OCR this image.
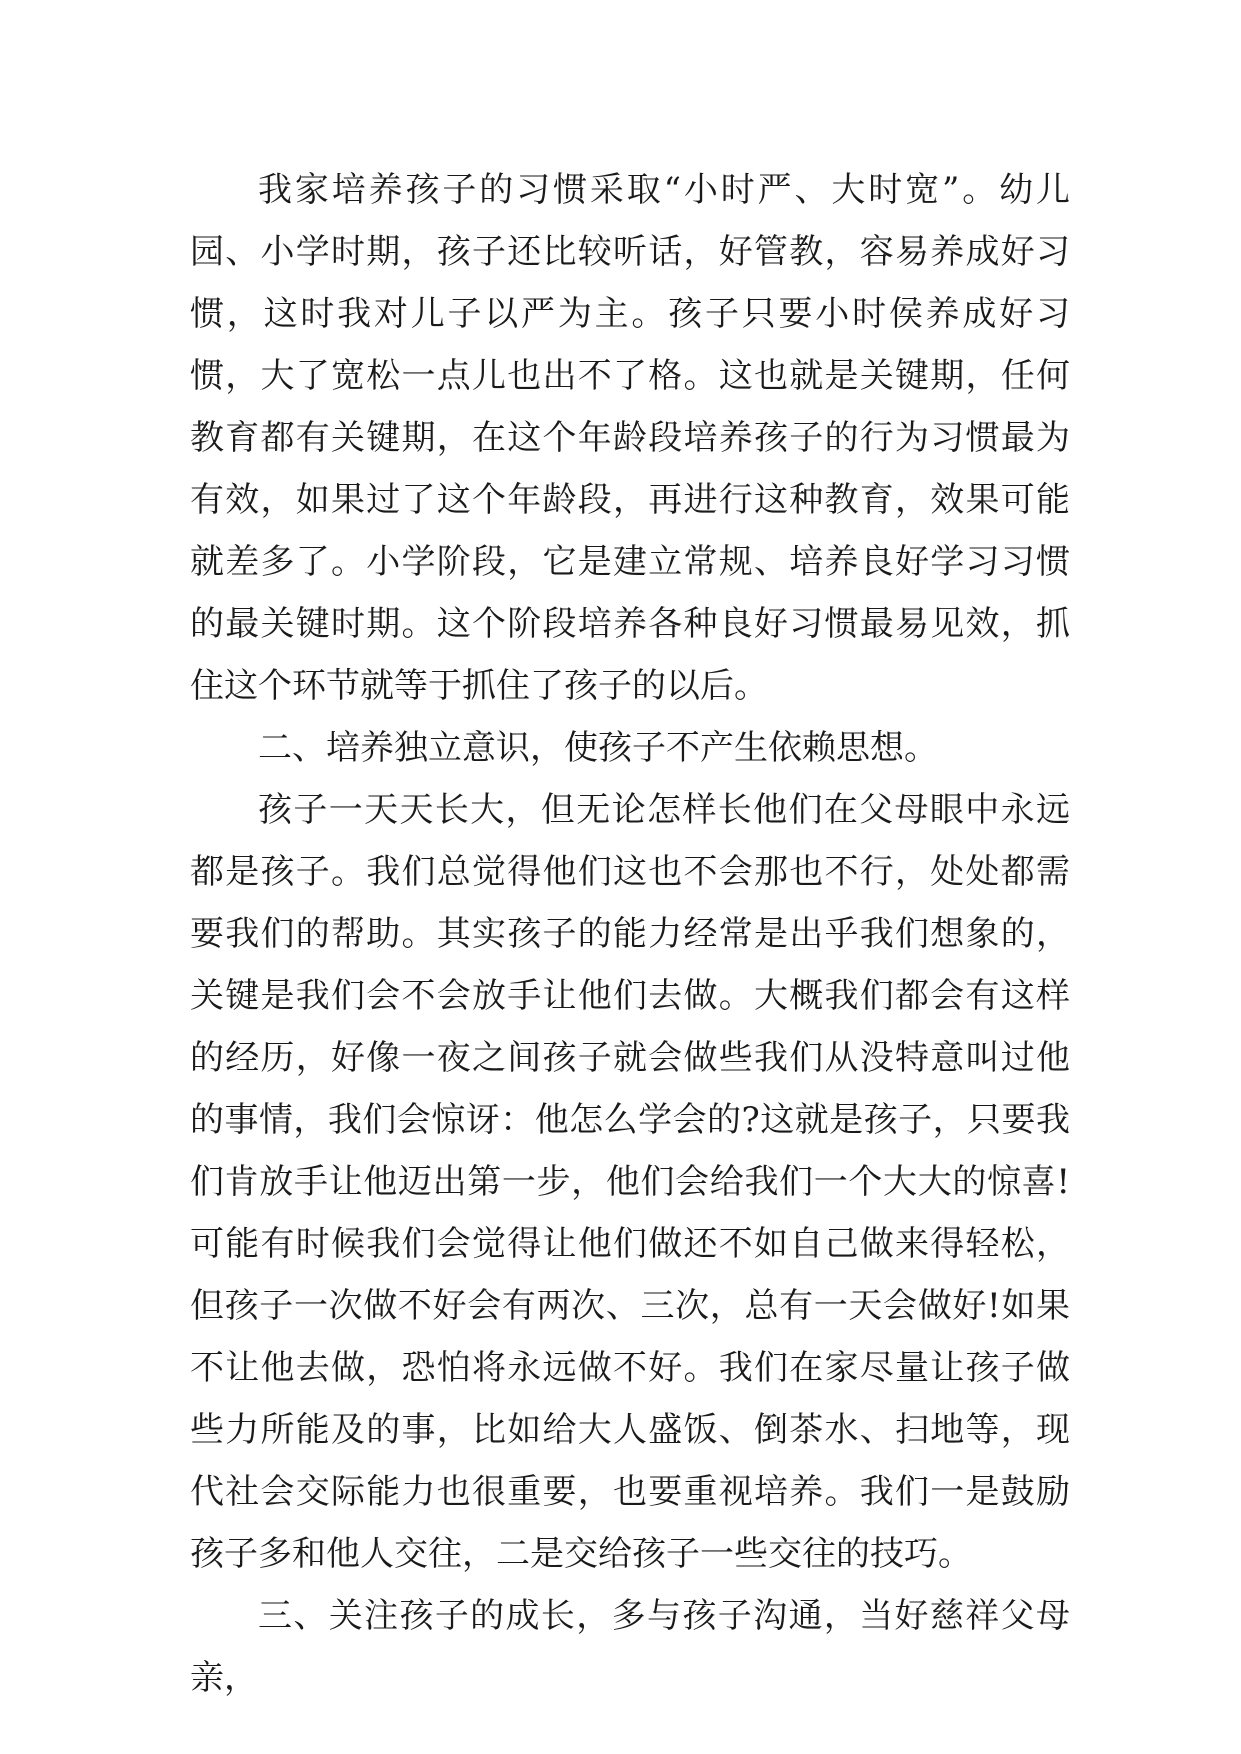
我家培养孩子的习惯采取“小时严、大时宽”。幼儿园、小学时期，孩子还比较听话，好管教，容易养成好习惯，这时我对儿子以严为主。孩子只要小时侯养成好习惯，大了宽松一点儿也出不了格。这也就是关键期，任何教育都有关键期，在这个年龄段培养孩子的行为习惯最为有效，如果过了这个年龄段，再进行这种教育，效果可能就差多了。小学阶段，它是建立常规、培养良好学习习惯的最关键时期。这个阶段培养各种良好习惯最易见效，抓住这个环节就等于抓住了孩子的以后。

二、培养独立意识，使孩子不产生依赖思想。

孩子一天天长大，但无论怎样长他们在父母眼中永远都是孩子。我们总觉得他们这也不会那也不行，处处都需要我们的帮助。其实孩子的能力经常是出乎我们想象的，关键是我们会不会放手让他们去做。大概我们都会有这样的经历，好像一夜之间孩子就会做些我们从没特意叫过他的事情，我们会惊讶：他怎么学会的?这就是孩子，只要我们肯放手让他迈出第一步，他们会给我们一个大大的惊喜!可能有时候我们会觉得让他们做还不如自己做来得轻松，但孩子一次做不好会有两次、三次，总有一天会做好!如果不让他去做，恐怕将永远做不好。我们在家尽量让孩子做些力所能及的事，比如给大人盛饭、倒茶水、扫地等，现代社会交际能力也很重要，也要重视培养。我们一是鼓励孩子多和他人交往，二是交给孩子一些交往的技巧。

三、关注孩子的成长，多与孩子沟通，当好慈祥父母亲，
